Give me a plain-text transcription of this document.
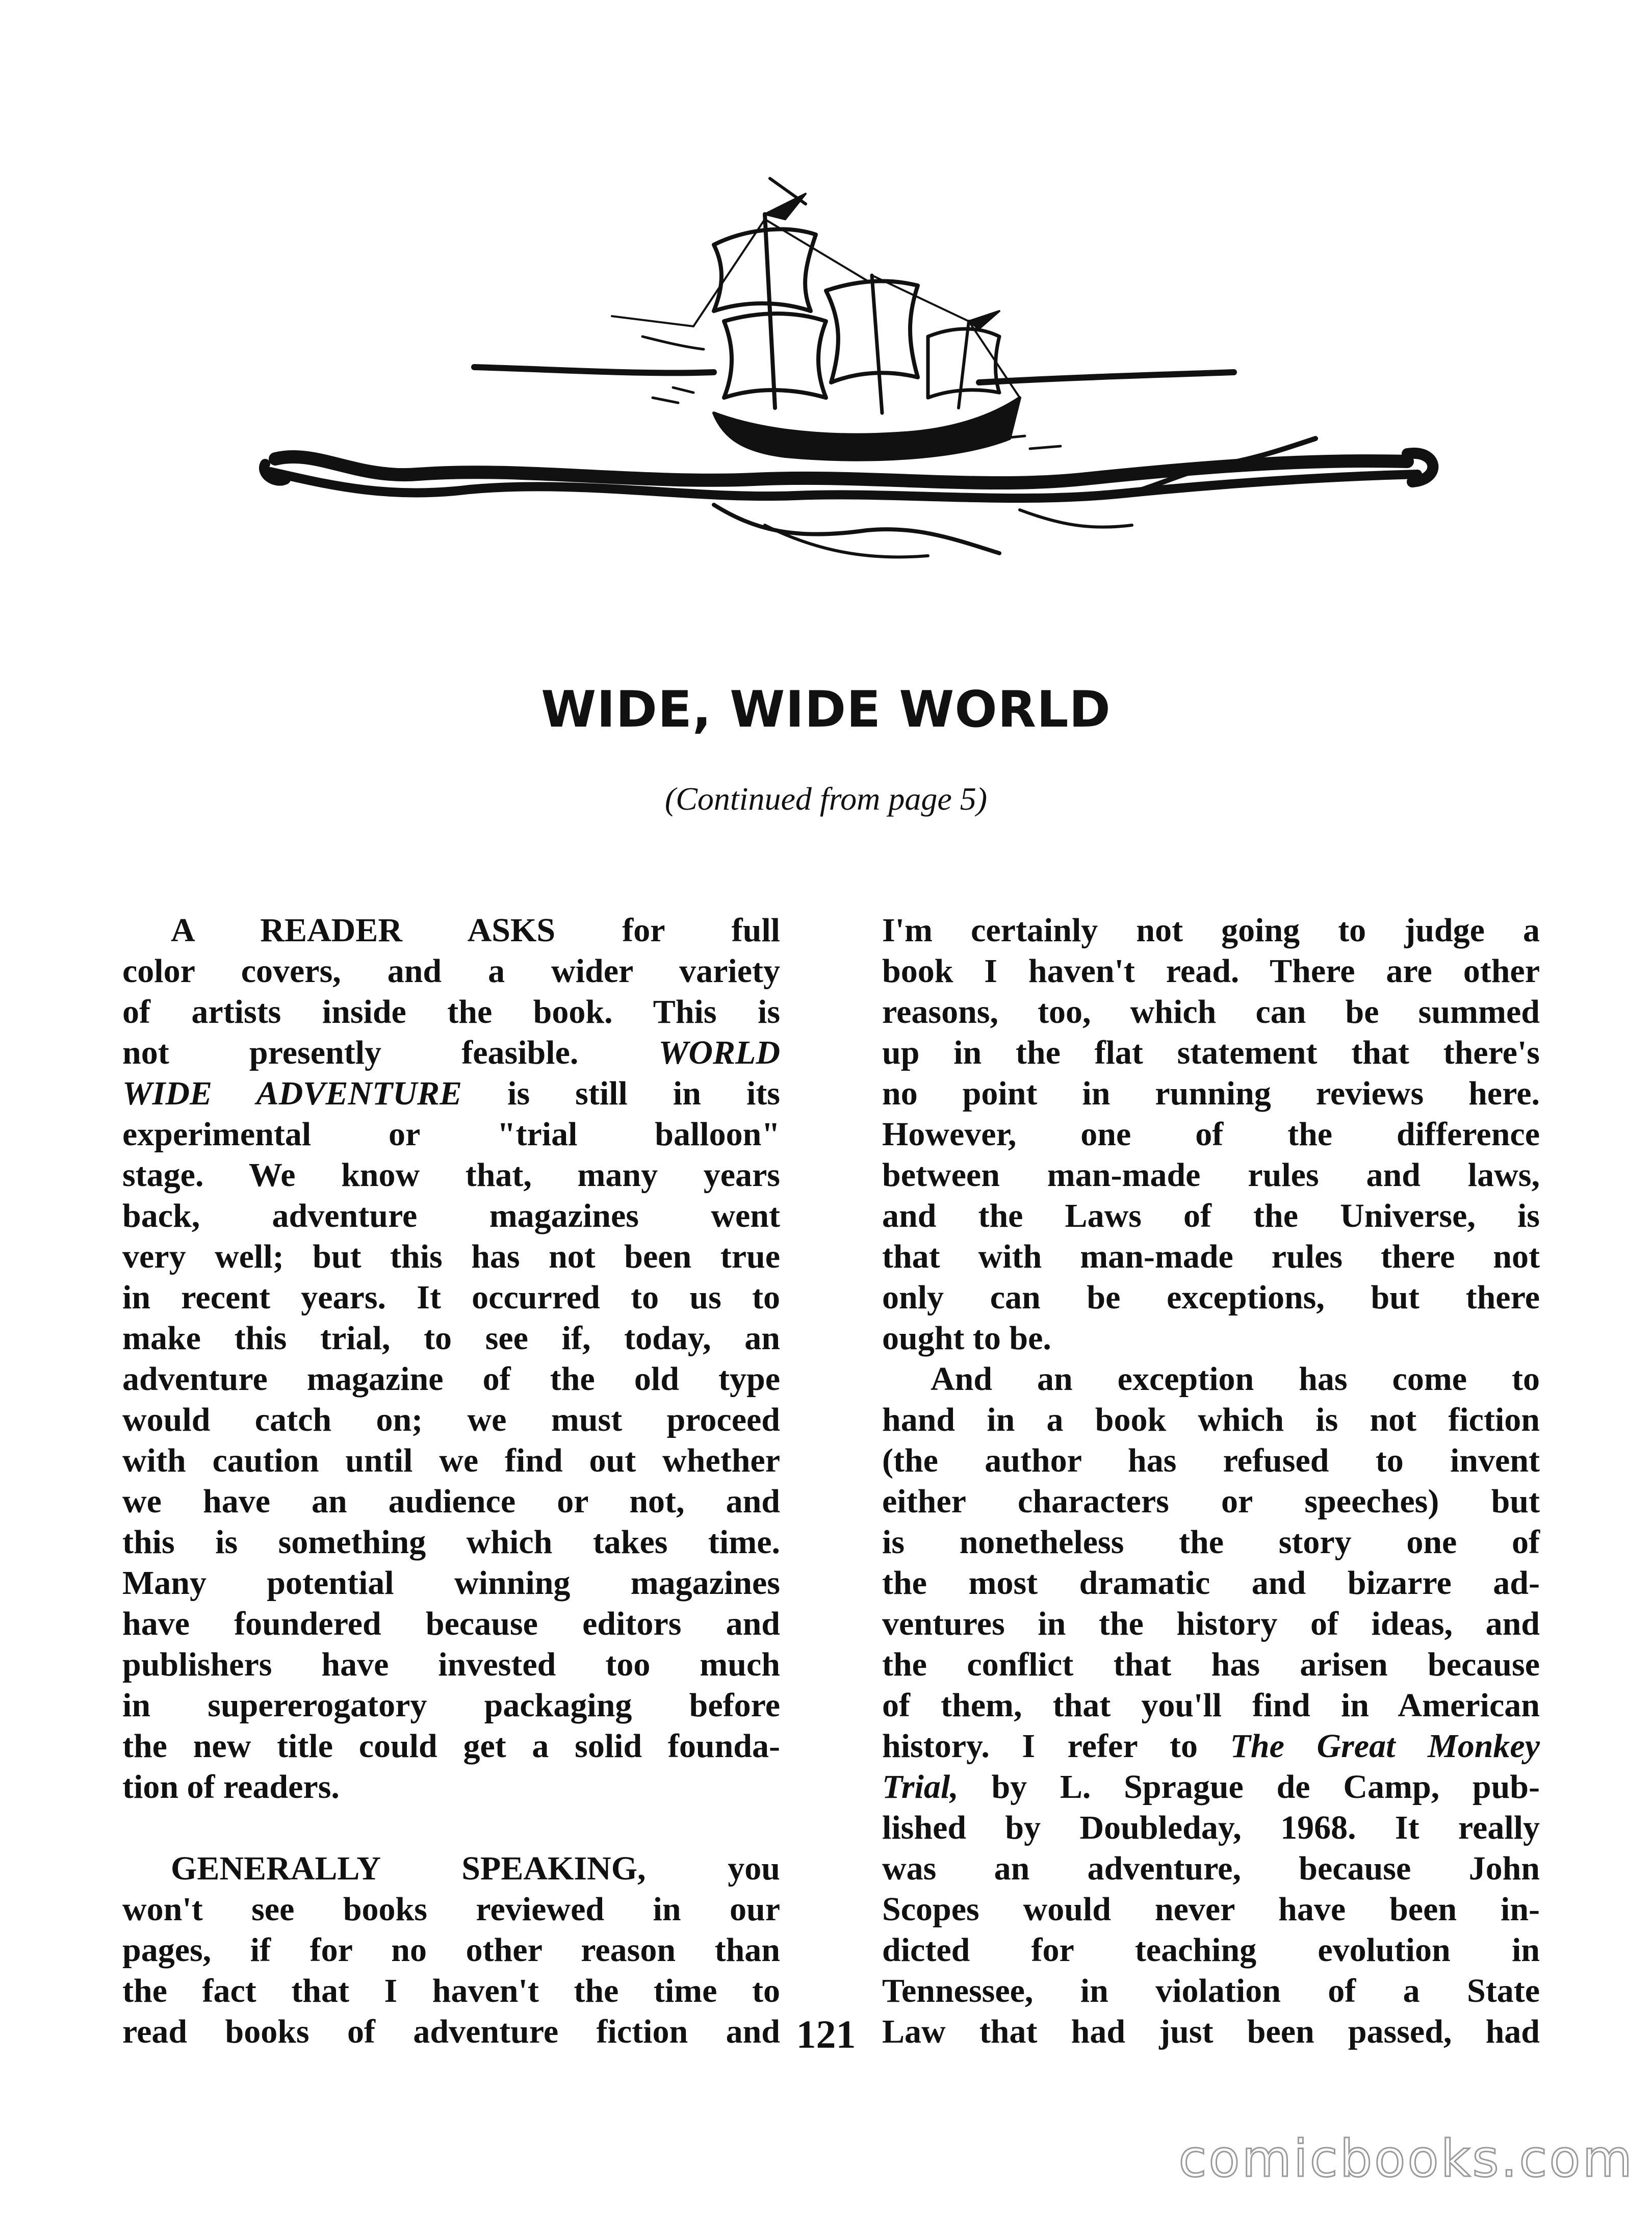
WIDE, WIDE WORLD
(Continued from page 5)
A READER ASKS for full
color covers, and a wider variety
of artists inside the book. This is
not presently feasible. WORLD
WIDE ADVENTURE is still in its
experimental or "trial balloon"
stage. We know that, many years
back, adventure magazines went
very well; but this has not been true
in recent years. It occurred to us to
make this trial, to see if, today, an
adventure magazine of the old type
would catch on; we must proceed
with caution until we find out whether
we have an audience or not, and
this is something which takes time.
Many potential winning magazines
have foundered because editors and
publishers have invested too much
in supererogatory packaging before
the new title could get a solid founda-
tion of readers.
GENERALLY SPEAKING, you
won't see books reviewed in our
pages, if for no other reason than
the fact that I haven't the time to
read books of adventure fiction and
I'm certainly not going to judge a
book I haven't read. There are other
reasons, too, which can be summed
up in the flat statement that there's
no point in running reviews here.
However, one of the difference
between man-made rules and laws,
and the Laws of the Universe, is
that with man-made rules there not
only can be exceptions, but there
ought to be.
And an exception has come to
hand in a book which is not fiction
(the author has refused to invent
either characters or speeches) but
is nonetheless the story one of
the most dramatic and bizarre ad-
ventures in the history of ideas, and
the conflict that has arisen because
of them, that you'll find in American
history. I refer to The Great Monkey
Trial, by L. Sprague de Camp, pub-
lished by Doubleday, 1968. It really
was an adventure, because John
Scopes would never have been in-
dicted for teaching evolution in
Tennessee, in violation of a State
Law that had just been passed, had
121
comicbooks.com
